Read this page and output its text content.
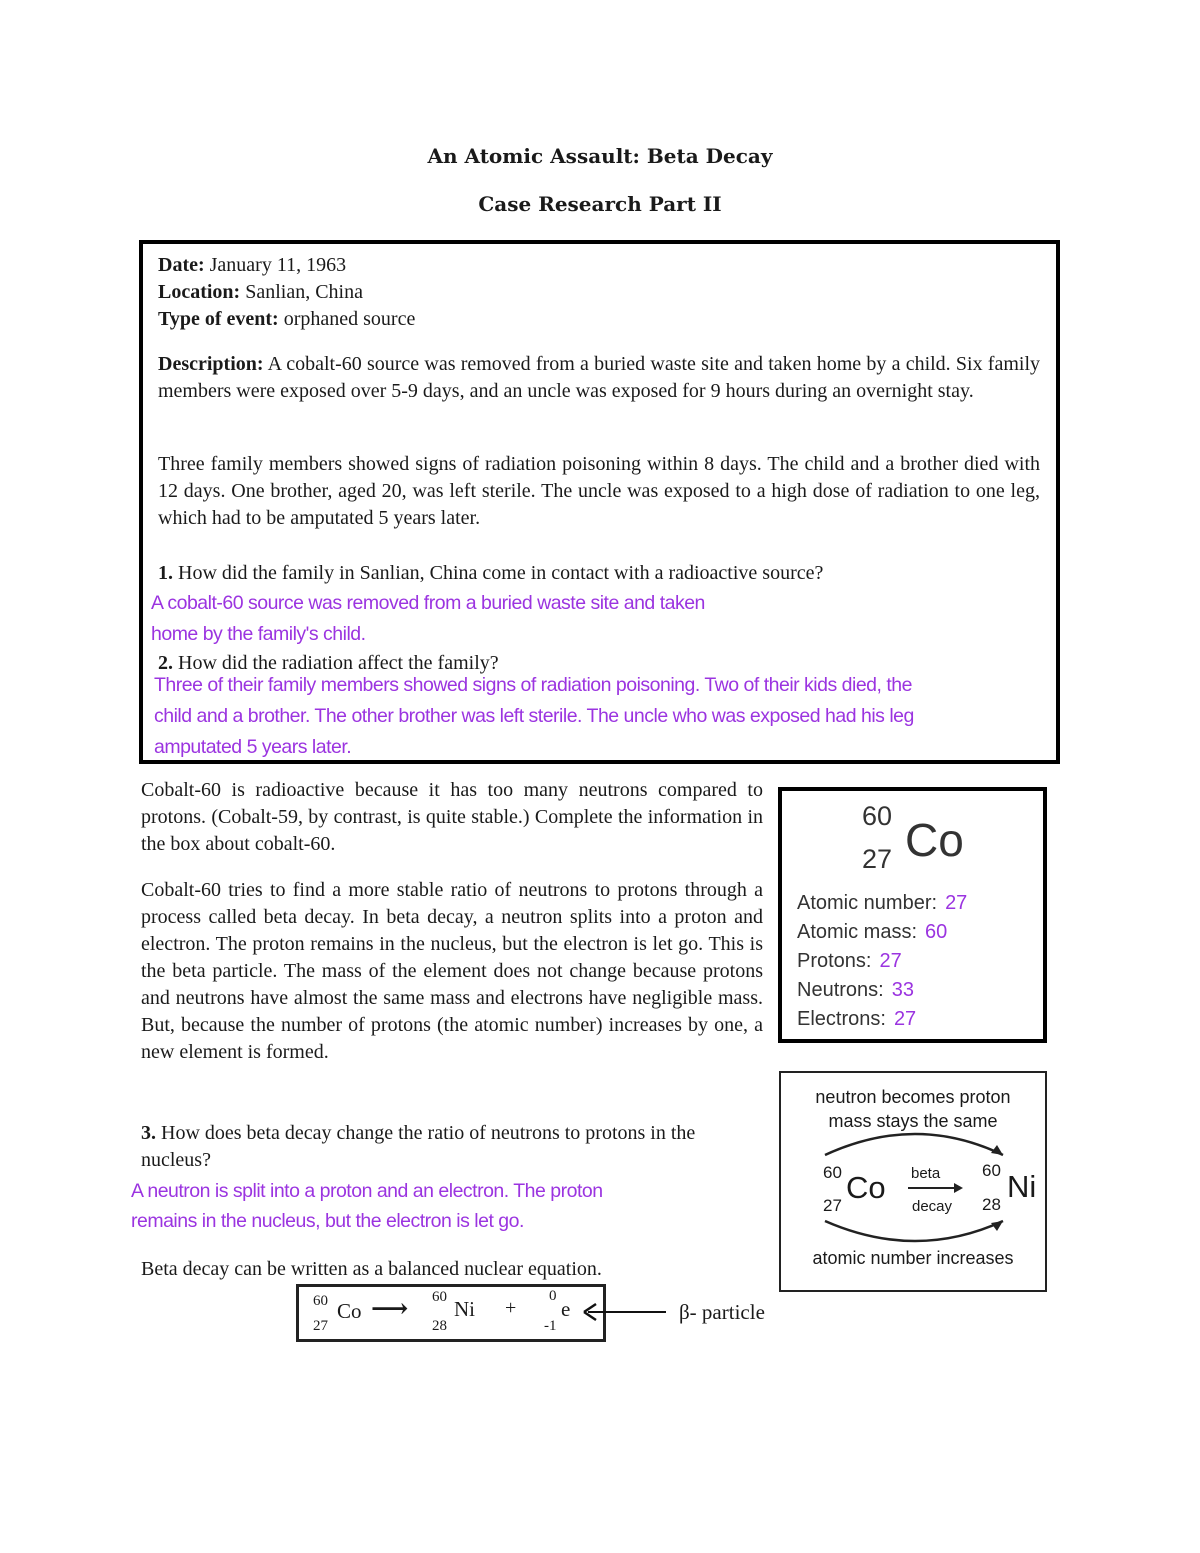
An Atomic Assault: Beta Decay
Case Research Part II
Date: January 11, 1963
Location: Sanlian, China
Type of event: orphaned source
Description: A cobalt-60 source was removed from a buried waste site and taken home by a child. Six family members were exposed over 5-9 days, and an uncle was exposed for 9 hours during an overnight stay.
Three family members showed signs of radiation poisoning within 8 days. The child and a brother died with 12 days. One brother, aged 20, was left sterile. The uncle was exposed to a high dose of radiation to one leg, which had to be amputated 5 years later.
1. How did the family in Sanlian, China come in contact with a radioactive source?
A cobalt-60 source was removed from a buried waste site and taken
home by the family's child.
2. How did the radiation affect the family?
Three of their family members showed signs of radiation poisoning. Two of their kids died, the
child and a brother. The other brother was left sterile. The uncle who was exposed had his leg
amputated 5 years later.
Cobalt-60 is radioactive because it has too many neutrons compared to protons. (Cobalt-59, by contrast, is quite stable.) Complete the information in the box about cobalt-60.
Cobalt-60 tries to find a more stable ratio of neutrons to protons through a process called beta decay. In beta decay, a neutron splits into a proton and electron. The proton remains in the nucleus, but the electron is let go. This is the beta particle. The mass of the element does not change because protons and neutrons have almost the same mass and electrons have negligible mass. But, because the number of protons (the atomic number) increases by one, a new element is formed.
3. How does beta decay change the ratio of neutrons to protons in the nucleus?
A neutron is split into a proton and an electron. The proton
remains in the nucleus, but the electron is let go.
Beta decay can be written as a balanced nuclear equation.
60
27 Co
Atomic number: 27
Atomic mass: 60
Protons: 27
Neutrons: 33
Electrons: 27
neutron becomes proton
mass stays the same
60
27
Co beta
decay
60
28
Ni
atomic number increases
60
27
Co ⟶ 60
28
Ni +
0
-1
e	β- particle
